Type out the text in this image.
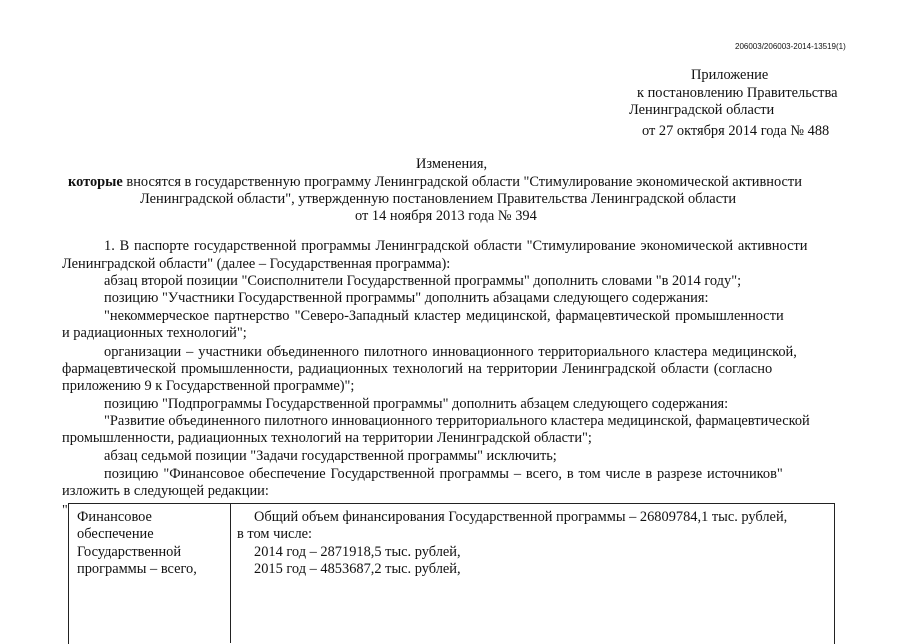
206003/206003-2014-13519(1)
Приложение
к постановлению Правительства
Ленинградской области
от 27 октября 2014 года № 488
Изменения,
которые вносятся в государственную программу Ленинградской области "Стимулирование экономической активности
Ленинградской области", утвержденную постановлением Правительства Ленинградской области
от 14 ноября 2013 года № 394
1. В паспорте государственной программы Ленинградской области "Стимулирование экономической активности
Ленинградской области" (далее – Государственная программа):
абзац второй позиции "Соисполнители Государственной программы" дополнить словами "в 2014 году";
позицию "Участники Государственной программы" дополнить абзацами следующего содержания:
"некоммерческое партнерство "Северо-Западный кластер медицинской, фармацевтической промышленности
и радиационных технологий";
организации – участники объединенного пилотного инновационного территориального кластера медицинской,
фармацевтической промышленности, радиационных технологий на территории Ленинградской области (согласно
приложению 9 к Государственной программе)";
позицию "Подпрограммы Государственной программы" дополнить абзацем следующего содержания:
"Развитие объединенного пилотного инновационного территориального кластера медицинской, фармацевтической
промышленности, радиационных технологий на территории Ленинградской области";
абзац седьмой позиции "Задачи государственной программы" исключить;
позицию "Финансовое обеспечение Государственной программы – всего, в том числе в разрезе источников"
изложить в следующей редакции:
" Финансовое
обеспечение
Государственной
программы – всего,
Общий объем финансирования Государственной программы – 26809784,1 тыс. рублей,
в том числе:
2014 год – 2871918,5 тыс. рублей,
2015 год – 4853687,2 тыс. рублей,
